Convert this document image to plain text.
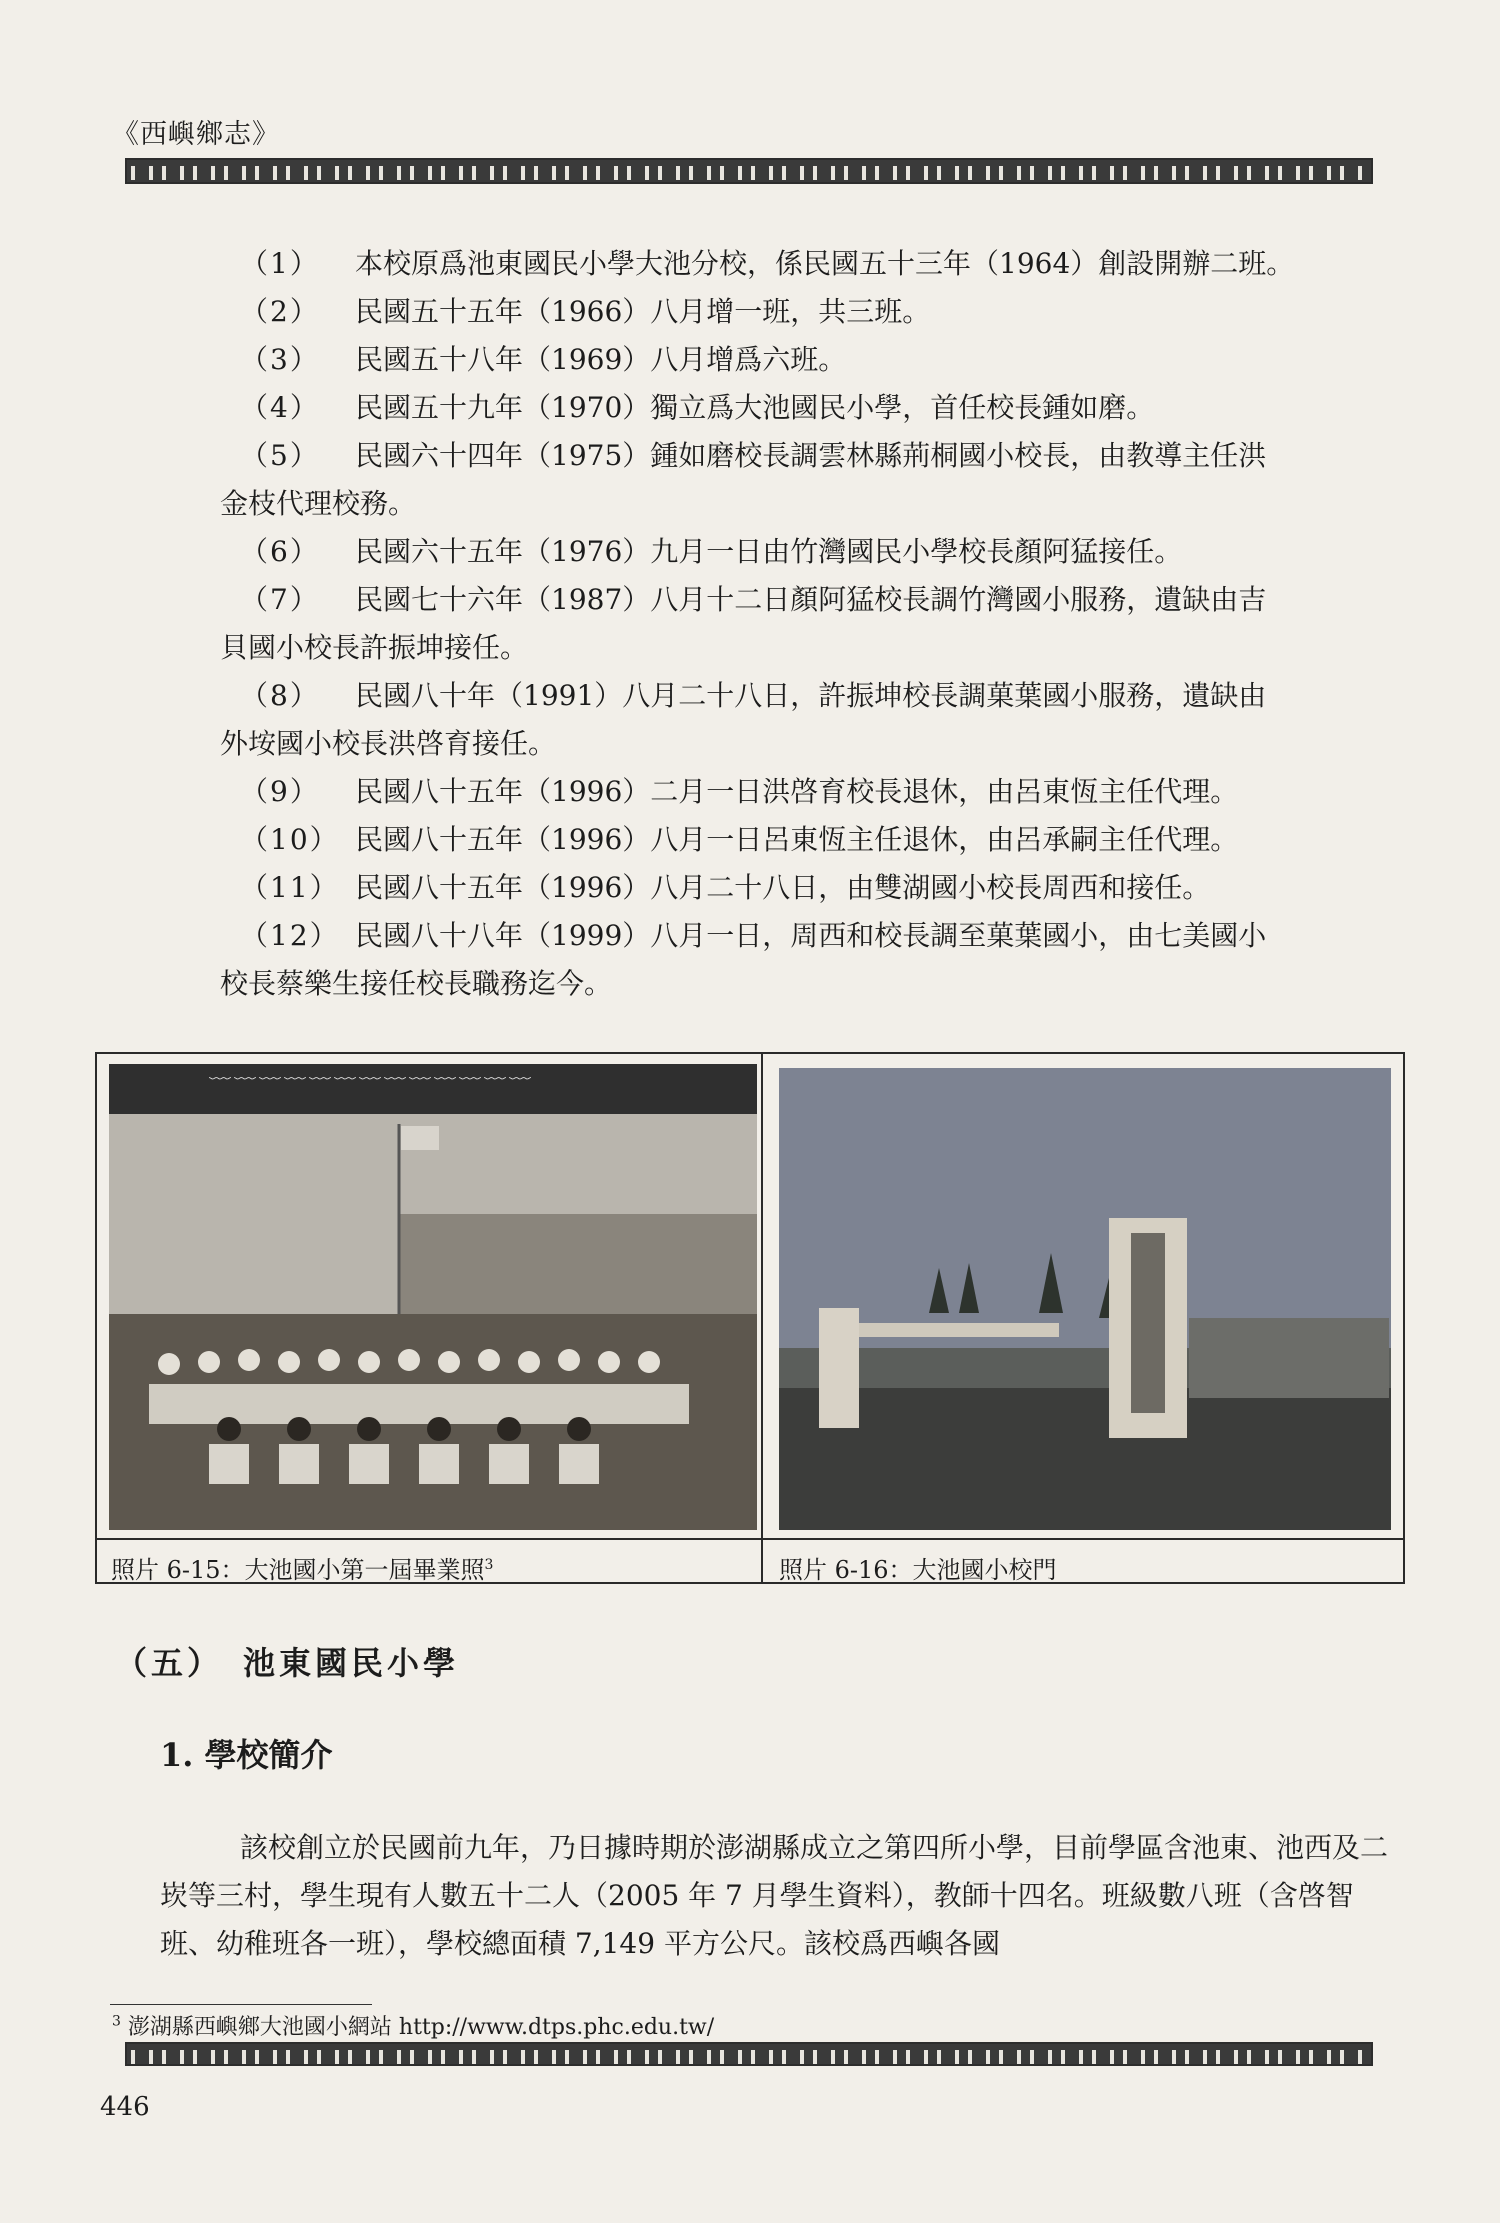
《西嶼鄉志》
（1）	本校原爲池東國民小學大池分校，係民國五十三年（1964）創設開辦二班。
（2）	民國五十五年（1966）八月增一班，共三班。
（3）	民國五十八年（1969）八月增爲六班。
（4）	民國五十九年（1970）獨立爲大池國民小學，首任校長鍾如磨。
（5）	民國六十四年（1975）鍾如磨校長調雲林縣荊桐國小校長，由教導主任洪
金枝代理校務。
（6）	民國六十五年（1976）九月一日由竹灣國民小學校長顏阿猛接任。
（7）	民國七十六年（1987）八月十二日顏阿猛校長調竹灣國小服務，遺缺由吉
貝國小校長許振坤接任。
（8）	民國八十年（1991）八月二十八日，許振坤校長調菓葉國小服務，遺缺由
外垵國小校長洪啓育接任。
（9）	民國八十五年（1996）二月一日洪啓育校長退休，由呂東恆主任代理。
（10） 民國八十五年（1996）八月一日呂東恆主任退休，由呂承嗣主任代理。
（11） 民國八十五年（1996）八月二十八日，由雙湖國小校長周西和接任。
（12） 民國八十八年（1999）八月一日，周西和校長調至菓葉國小，由七美國小
校長蔡樂生接任校長職務迄今。
﹋﹋﹋﹋﹋﹋﹋﹋﹋﹋﹋﹋﹋
照片 6-15：大池國小第一屆畢業照$^3$	照片 6-16：大池國小校門
（五）　池東國民小學
1. 學校簡介

該校創立於民國前九年，乃日據時期於澎湖縣成立之第四所小學，目前學區含池東、池西及二崁等三村，學生現有人數五十二人（2005 年 7 月學生資料），教師十四名。班級數八班（含啓智班、幼稚班各一班），學校總面積 7,149 平方公尺。該校爲西嶼各國

$^3$ 澎湖縣西嶼鄉大池國小網站 http://www.dtps.phc.edu.tw/
446
